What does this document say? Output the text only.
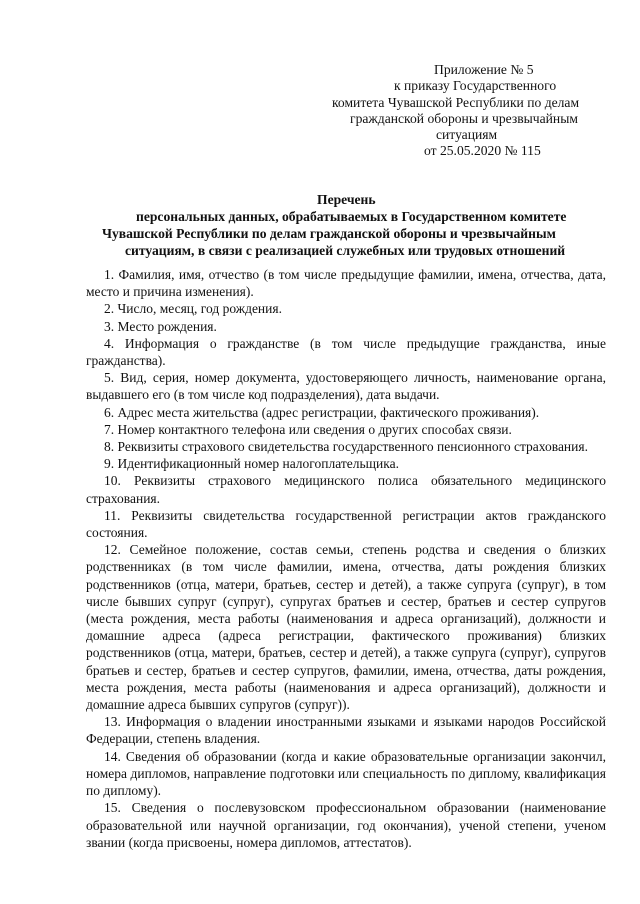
Приложение № 5
к приказу Государственного
комитета Чувашской Республики по делам
гражданской обороны и чрезвычайным
ситуациям
от 25.05.2020 № 115
Перечень
персональных данных, обрабатываемых в Государственном комитете
Чувашской Республики по делам гражданской обороны и чрезвычайным
ситуациям, в связи с реализацией служебных или трудовых отношений

1. Фамилия, имя, отчество (в том числе предыдущие фамилии, имена, отчества, дата, место и причина изменения).

2. Число, месяц, год рождения.

3. Место рождения.

4. Информация о гражданстве (в том числе предыдущие гражданства, иные гражданства).

5. Вид, серия, номер документа, удостоверяющего личность, наименование органа, выдавшего его (в том числе код подразделения), дата выдачи.

6. Адрес места жительства (адрес регистрации, фактического проживания).

7. Номер контактного телефона или сведения о других способах связи.

8. Реквизиты страхового свидетельства государственного пенсионного страхования.

9. Идентификационный номер налогоплательщика.

10. Реквизиты страхового медицинского полиса обязательного медицинского страхования.

11. Реквизиты свидетельства государственной регистрации актов гражданского состояния.

12. Семейное положение, состав семьи, степень родства и сведения о близких родственниках (в том числе фамилии, имена, отчества, даты рождения близких родственников (отца, матери, братьев, сестер и детей), а также супруга (супруг), в том числе бывших супруг (супруг), супругах братьев и сестер, братьев и сестер супругов (места рождения, места работы (наименования и адреса организаций), должности и домашние адреса (адреса регистрации, фактического проживания) близких родственников (отца, матери, братьев, сестер и детей), а также супруга (супруг), супругов братьев и сестер, братьев и сестер супругов, фамилии, имена, отчества, даты рождения, места рождения, места работы (наименования и адреса организаций), должности и домашние адреса бывших супругов (супруг)).

13. Информация о владении иностранными языками и языками народов Российской Федерации, степень владения.

14. Сведения об образовании (когда и какие образовательные организации закончил, номера дипломов, направление подготовки или специальность по диплому, квалификация по диплому).

15. Сведения о послевузовском профессиональном образовании (наименование образовательной или научной организации, год окончания), ученой степени, ученом звании (когда присвоены, номера дипломов, аттестатов).
